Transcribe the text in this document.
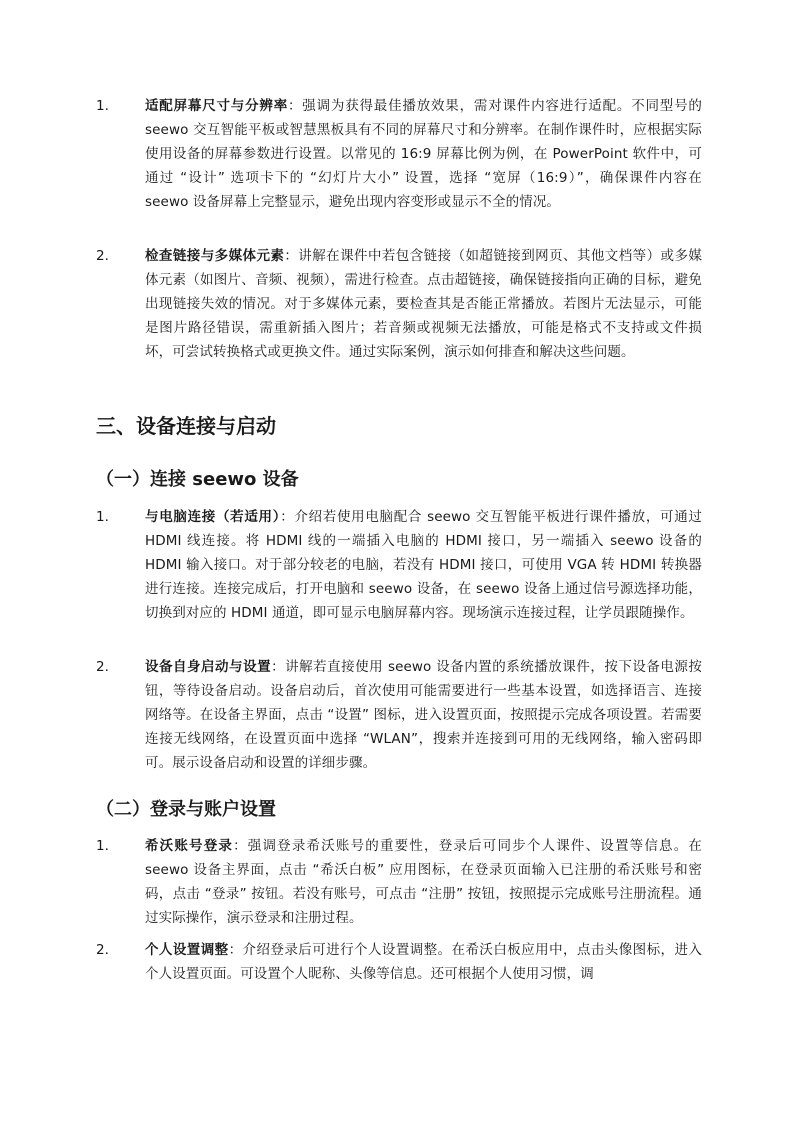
1.	适配屏幕尺寸与分辨率：强调为获得最佳播放效果，需对课件内容进行适配。不同型号的 seewo 交互智能平板或智慧黑板具有不同的屏幕尺寸和分辨率。在制作课件时，应根据实际使用设备的屏幕参数进行设置。以常见的 16:9 屏幕比例为例，在 PowerPoint 软件中，可通过 “设计” 选项卡下的 “幻灯片大小” 设置，选择 “宽屏（16:9）”，确保课件内容在 seewo 设备屏幕上完整显示，避免出现内容变形或显示不全的情况。
2.	检查链接与多媒体元素：讲解在课件中若包含链接（如超链接到网页、其他文档等）或多媒体元素（如图片、音频、视频），需进行检查。点击超链接，确保链接指向正确的目标，避免出现链接失效的情况。对于多媒体元素，要检查其是否能正常播放。若图片无法显示，可能是图片路径错误，需重新插入图片；若音频或视频无法播放，可能是格式不支持或文件损坏，可尝试转换格式或更换文件。通过实际案例，演示如何排查和解决这些问题。
三、设备连接与启动
（一）连接 seewo 设备
1.	与电脑连接（若适用）：介绍若使用电脑配合 seewo 交互智能平板进行课件播放，可通过 HDMI 线连接。将 HDMI 线的一端插入电脑的 HDMI 接口，另一端插入 seewo 设备的 HDMI 输入接口。对于部分较老的电脑，若没有 HDMI 接口，可使用 VGA 转 HDMI 转换器进行连接。连接完成后，打开电脑和 seewo 设备，在 seewo 设备上通过信号源选择功能，切换到对应的 HDMI 通道，即可显示电脑屏幕内容。现场演示连接过程，让学员跟随操作。
2.	设备自身启动与设置：讲解若直接使用 seewo 设备内置的系统播放课件，按下设备电源按钮，等待设备启动。设备启动后，首次使用可能需要进行一些基本设置，如选择语言、连接网络等。在设备主界面，点击 “设置” 图标，进入设置页面，按照提示完成各项设置。若需要连接无线网络，在设置页面中选择 “WLAN”，搜索并连接到可用的无线网络，输入密码即可。展示设备启动和设置的详细步骤。
（二）登录与账户设置
1.	希沃账号登录：强调登录希沃账号的重要性，登录后可同步个人课件、设置等信息。在 seewo 设备主界面，点击 “希沃白板” 应用图标，在登录页面输入已注册的希沃账号和密码，点击 “登录” 按钮。若没有账号，可点击 “注册” 按钮，按照提示完成账号注册流程。通过实际操作，演示登录和注册过程。
2.	个人设置调整：介绍登录后可进行个人设置调整。在希沃白板应用中，点击头像图标，进入个人设置页面。可设置个人昵称、头像等信息。还可根据个人使用习惯，调
